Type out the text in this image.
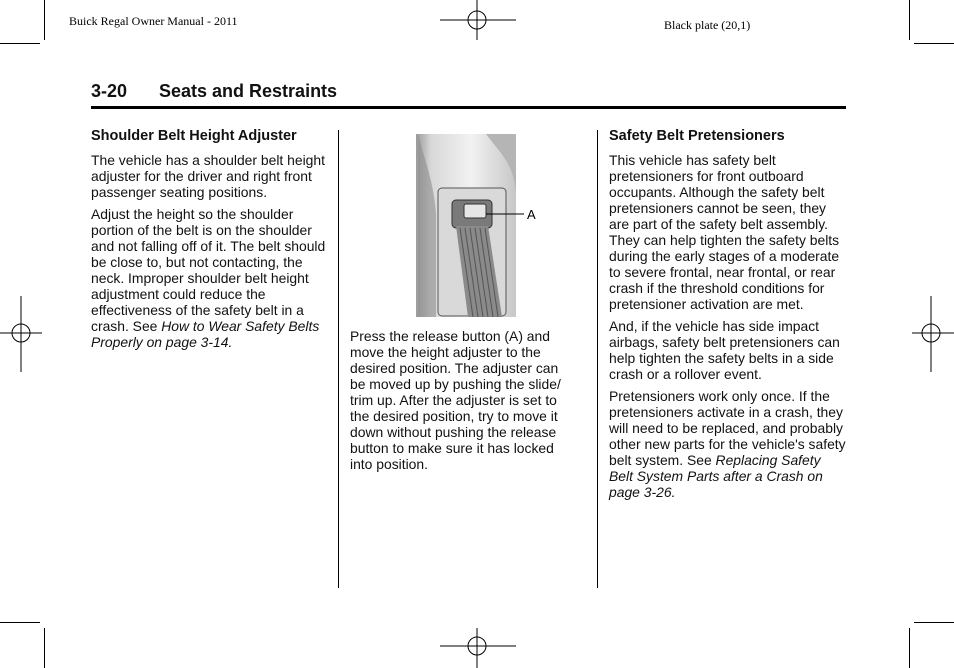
Buick Regal Owner Manual - 2011	Black plate (20,1)
3-20 Seats and Restraints
Shoulder Belt Height Adjuster

The vehicle has a shoulder belt height adjuster for the driver and right front passenger seating positions.

Adjust the height so the shoulder portion of the belt is on the shoulder and not falling off of it. The belt should be close to, but not contacting, the neck. Improper shoulder belt height adjustment could reduce the effectiveness of the safety belt in a crash. See How to Wear Safety Belts Properly on page 3-14.

A

Press the release button (A) and move the height adjuster to the desired position. The adjuster can be moved up by pushing the slide/ trim up. After the adjuster is set to the desired position, try to move it down without pushing the release button to make sure it has locked into position.

Safety Belt Pretensioners

This vehicle has safety belt pretensioners for front outboard occupants. Although the safety belt pretensioners cannot be seen, they are part of the safety belt assembly. They can help tighten the safety belts during the early stages of a moderate to severe frontal, near frontal, or rear crash if the threshold conditions for pretensioner activation are met.

And, if the vehicle has side impact airbags, safety belt pretensioners can help tighten the safety belts in a side crash or a rollover event.

Pretensioners work only once. If the pretensioners activate in a crash, they will need to be replaced, and probably other new parts for the vehicle's safety belt system. See Replacing Safety Belt System Parts after a Crash on page 3-26.
